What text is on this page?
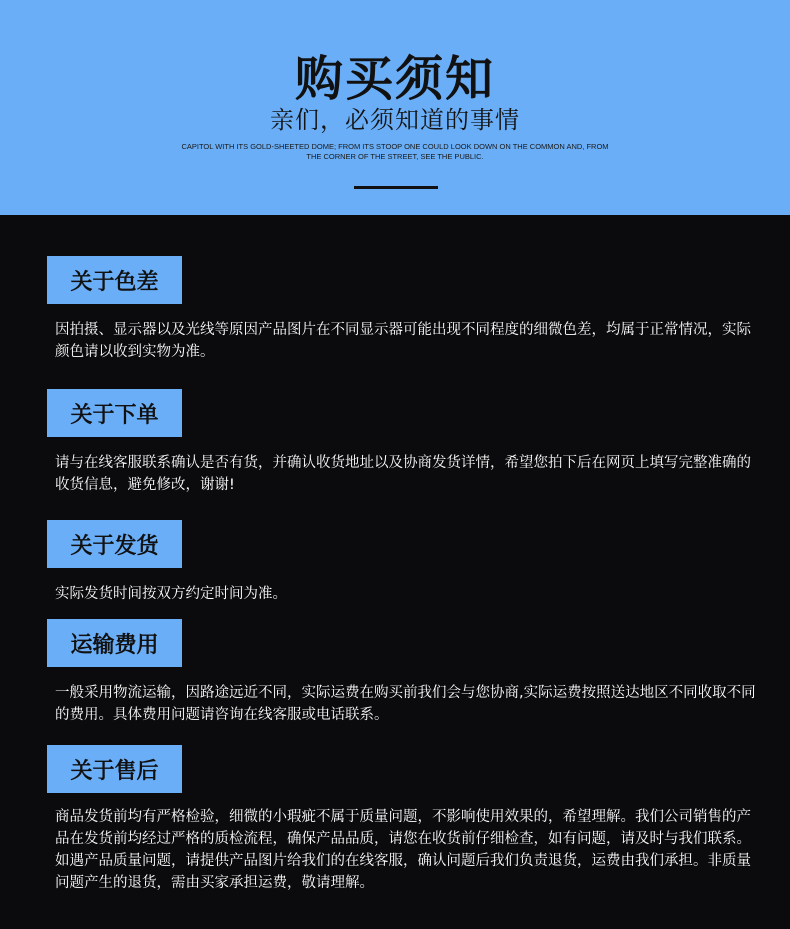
购买须知
亲们，必须知道的事情
CAPITOL WITH ITS GOLD-SHEETED DOME; FROM ITS STOOP ONE COULD LOOK DOWN ON THE COMMON AND, FROM
THE CORNER OF THE STREET, SEE THE PUBLIC.
关于色差
因拍摄、显示器以及光线等原因产品图片在不同显示器可能出现不同程度的细微色差，均属于正常情况，实际颜色请以收到实物为准。
关于下单
请与在线客服联系确认是否有货，并确认收货地址以及协商发货详情，希望您拍下后在网页上填写完整准确的收货信息，避免修改，谢谢!
关于发货
实际发货时间按双方约定时间为准。
运输费用
一般采用物流运输，因路途远近不同，实际运费在购买前我们会与您协商,实际运费按照送达地区不同收取不同的费用。具体费用问题请咨询在线客服或电话联系。
关于售后
商品发货前均有严格检验，细微的小瑕疵不属于质量问题，不影响使用效果的，希望理解。我们公司销售的产品在发货前均经过严格的质检流程，确保产品品质，请您在收货前仔细检查，如有问题，请及时与我们联系。如遇产品质量问题，请提供产品图片给我们的在线客服，确认问题后我们负责退货，运费由我们承担。非质量问题产生的退货，需由买家承担运费，敬请理解。
